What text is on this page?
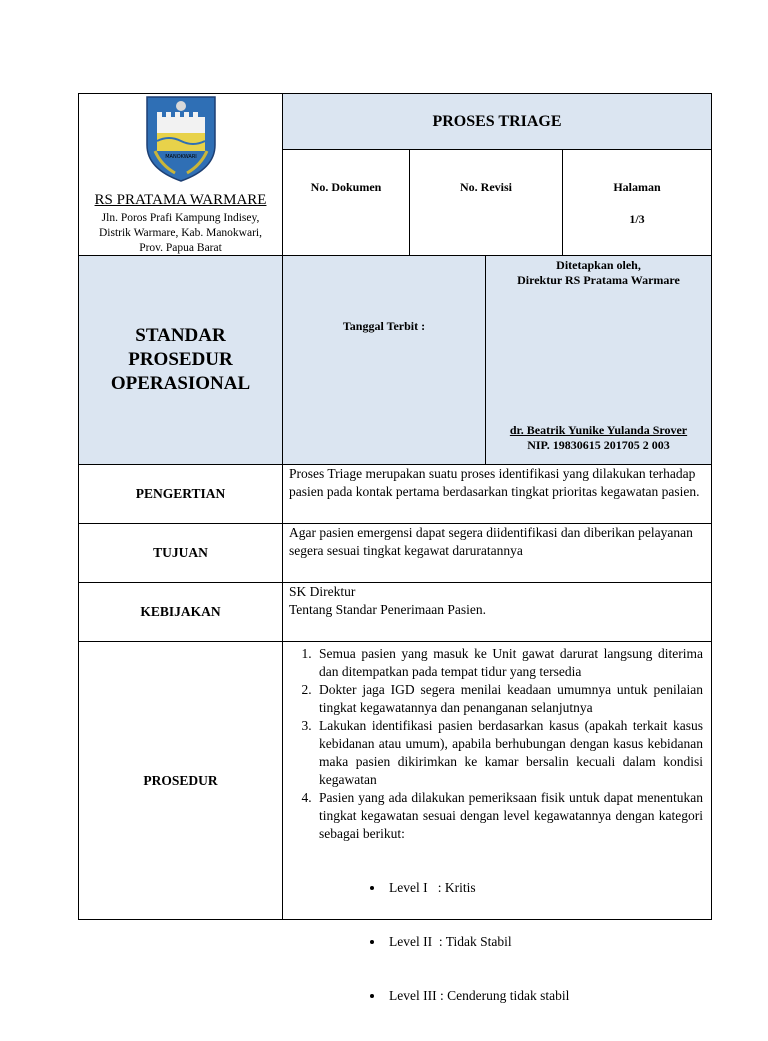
MANOKWARI
RS PRATAMA WARMARE
Jln. Poros Prafi Kampung Indisey,
Distrik Warmare, Kab. Manokwari,
Prov. Papua Barat
PROSES TRIAGE
No. Dokumen	No. Revisi	Halaman
1/3
STANDAR
PROSEDUR
OPERASIONAL
Tanggal Terbit :
Ditetapkan oleh,
Direktur RS Pratama Warmare
dr. Beatrik Yunike Yulanda Srover
NIP. 19830615 201705 2 003
PENGERTIAN

Proses Triage merupakan suatu proses identifikasi yang dilakukan terhadap pasien pada kontak pertama berdasarkan tingkat prioritas kegawatan pasien.

TUJUAN

Agar pasien emergensi dapat segera diidentifikasi dan diberikan pelayanan segera sesuai tingkat kegawat daruratannya

KEBIJAKAN
SK Direktur
Tentang Standar Penerimaan Pasien.
PROSEDUR
1. Semua pasien yang masuk ke Unit gawat darurat langsung diterima dan ditempatkan pada tempat tidur yang tersedia
2. Dokter jaga IGD segera menilai keadaan umumnya untuk penilaian tingkat kegawatannya dan penanganan selanjutnya
3. Lakukan identifikasi pasien berdasarkan kasus (apakah terkait kasus kebidanan atau umum), apabila berhubungan dengan kasus kebidanan maka pasien dikirimkan ke kamar bersalin kecuali dalam kondisi kegawatan
4. Pasien yang ada dilakukan pemeriksaan fisik untuk dapat menentukan tingkat kegawatan sesuai dengan level kegawatannya dengan kategori sebagai berikut:

• Level I   : Kritis

• Level II  : Tidak Stabil

• Level III : Cenderung tidak stabil
